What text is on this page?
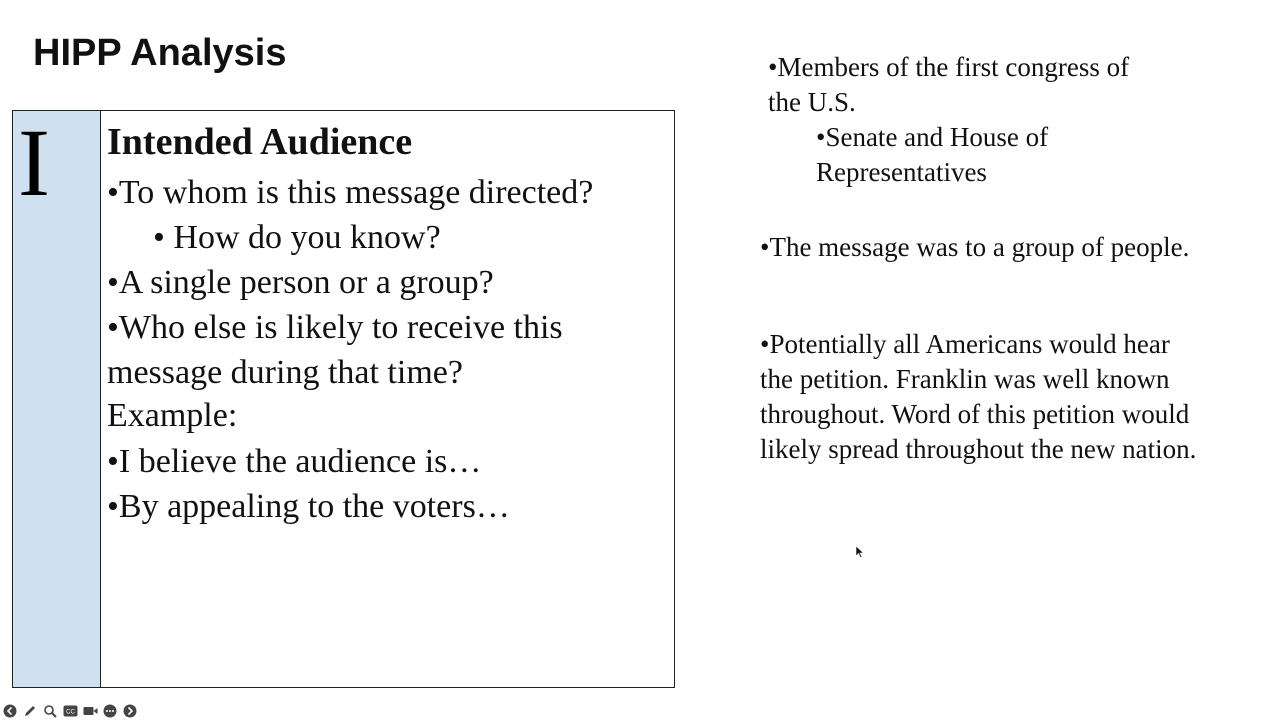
HIPP Analysis
I Intended Audience
•To whom is this message directed?
• How do you know?
•A single person or a group?
•Who else is likely to receive this
message during that time?
Example:
•I believe the audience is…
•By appealing to the voters…
•Members of the first congress of
the U.S.
•Senate and House of
Representatives
•The message was to a group of people.
•Potentially all Americans would hear
the petition. Franklin was well known
throughout. Word of this petition would
likely spread throughout the new nation.
CC
